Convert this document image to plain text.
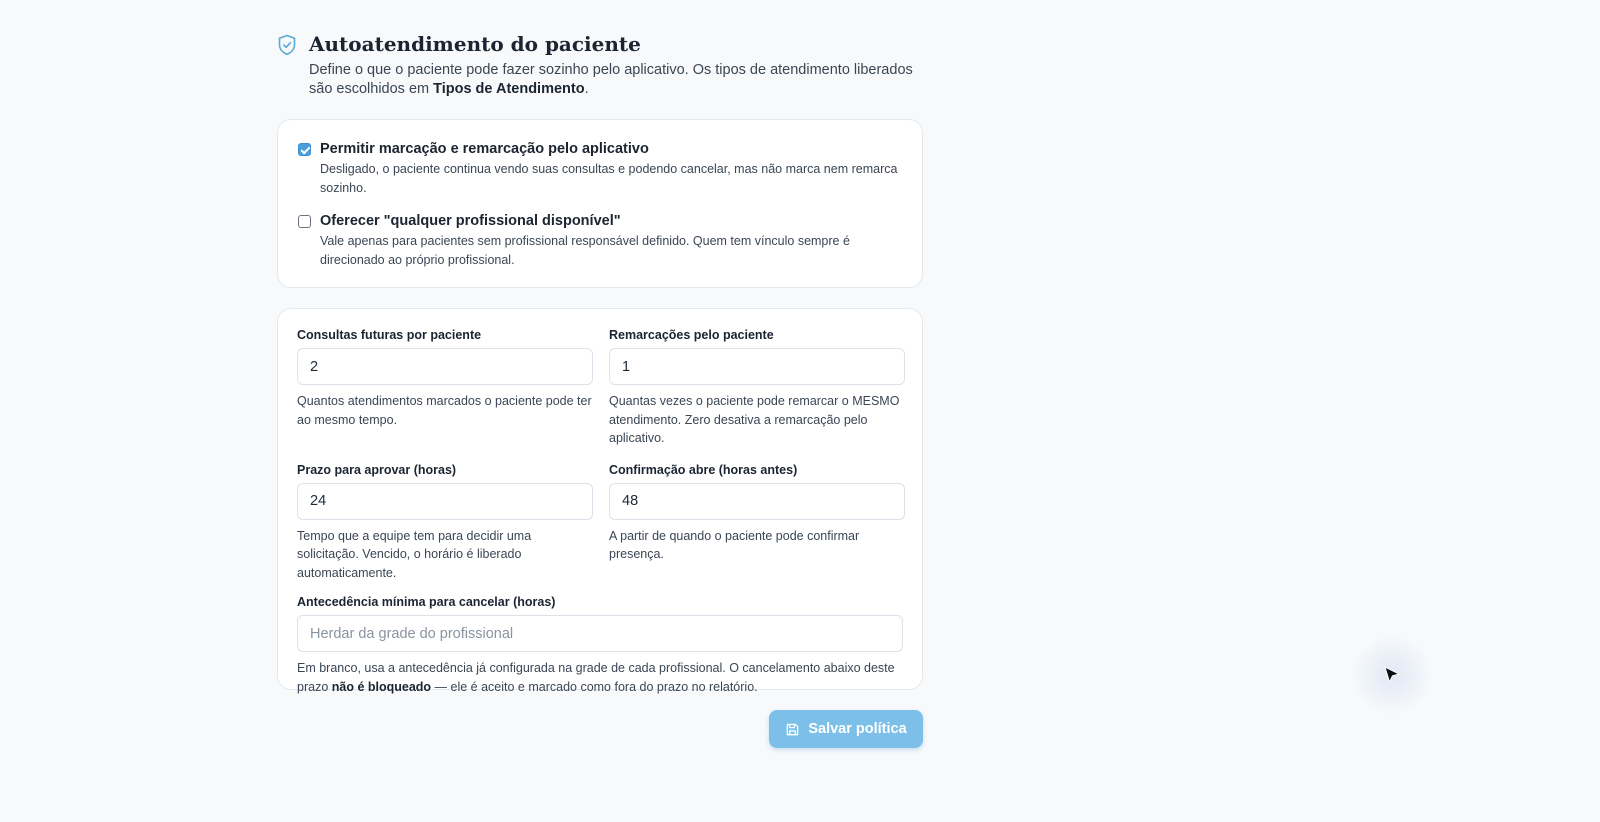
Autoatendimento do paciente
Define o que o paciente pode fazer sozinho pelo aplicativo. Os tipos de atendimento liberados são escolhidos em Tipos de Atendimento.
Permitir marcação e remarcação pelo aplicativo
Desligado, o paciente continua vendo suas consultas e podendo cancelar, mas não marca nem remarca sozinho.
Oferecer "qualquer profissional disponível"
Vale apenas para pacientes sem profissional responsável definido. Quem tem vínculo sempre é direcionado ao próprio profissional.
Consultas futuras por paciente
2
Quantos atendimentos marcados o paciente pode ter ao mesmo tempo.
Remarcações pelo paciente
1
Quantas vezes o paciente pode remarcar o MESMO atendimento. Zero desativa a remarcação pelo aplicativo.
Prazo para aprovar (horas)
24
Tempo que a equipe tem para decidir uma solicitação. Vencido, o horário é liberado automaticamente.
Confirmação abre (horas antes)
48
A partir de quando o paciente pode confirmar presença.
Antecedência mínima para cancelar (horas)
Herdar da grade do profissional
Em branco, usa a antecedência já configurada na grade de cada profissional. O cancelamento abaixo deste prazo não é bloqueado — ele é aceito e marcado como fora do prazo no relatório.
Salvar política
